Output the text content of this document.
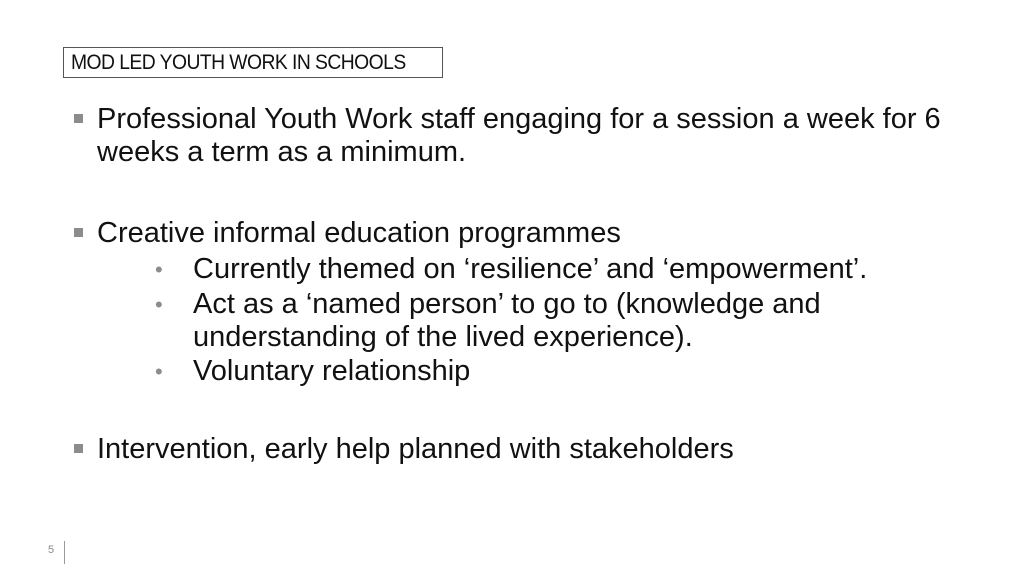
MOD LED YOUTH WORK IN SCHOOLS
Professional Youth Work staff engaging for a session a week for 6 weeks a term as a minimum.
Creative informal education programmes
• Currently themed on ‘resilience’ and ‘empowerment’.
• Act as a ‘named person’ to go to (knowledge and understanding of the lived experience).
• Voluntary relationship
Intervention, early help planned with stakeholders
5
